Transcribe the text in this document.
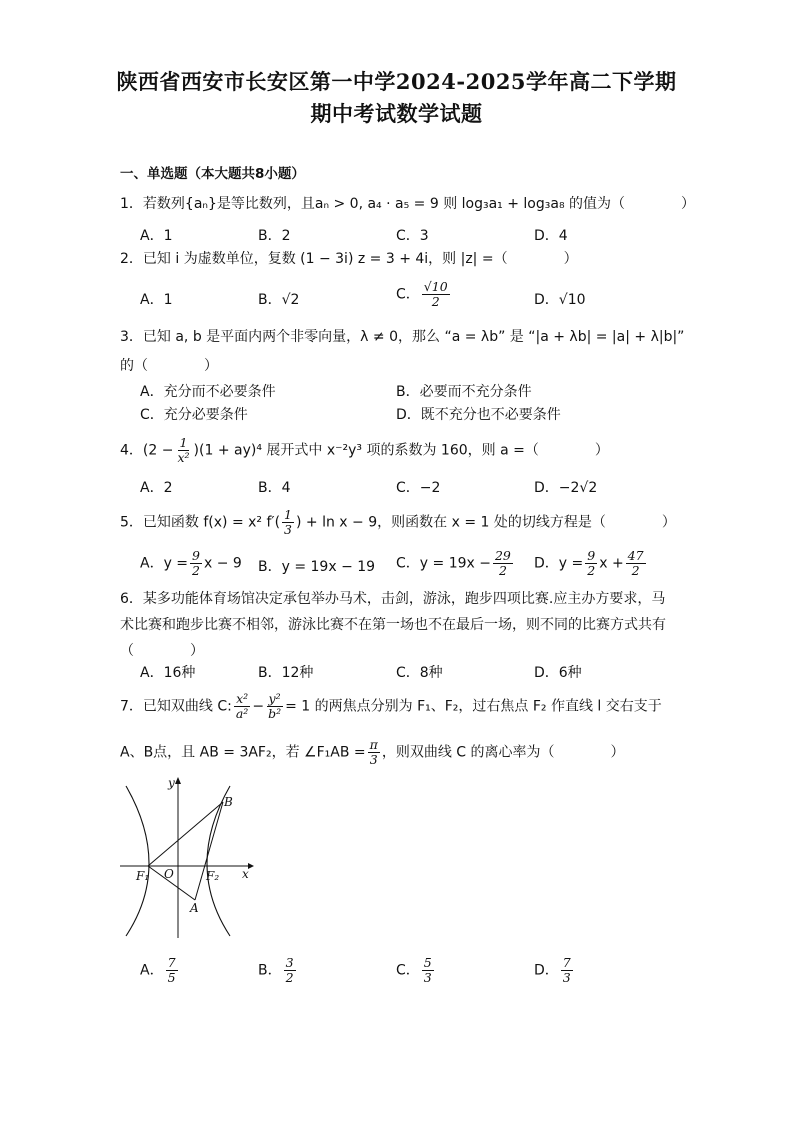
陕西省西安市长安区第一中学2024-2025学年高二下学期
期中考试数学试题
一、单选题（本大题共8小题）
1．若数列{aₙ}是等比数列，且aₙ > 0, a₄ · a₅ = 9 则 log₃a₁ + log₃a₈ 的值为（　　　　）
A．1	B．2	C．3	D．4
2．已知 i 为虚数单位，复数 (1 − 3i) z = 3 + 4i，则 |z| =（　　　　）
A．1	B．√2	C． $\frac{√10}{2}$	D．√10
3．已知 a, b 是平面内两个非零向量，λ ≠ 0，那么 “a = λb” 是 “|a + λb| = |a| + λ|b|”
的（　　　　）
A．充分而不必要条件	B．必要而不充分条件
C．充分必要条件	D．既不充分也不必要条件
4．$(2 - \frac{1}{\text{x²}} )(1 + ay)^4$ 展开式中 x⁻²y³ 项的系数为 160，则 a =（　　　　）
A．2	B．4	C．−2	D．−2√2
5．已知函数 f(x) = x² $f'( \frac{1}{3}$ ) + ln x − 9，则函数在 x = 1 处的切线方程是（　　　　）
A．$y = \frac{9}{2}$ x − 9 B．y = 19x − 19 C．$y = 19x - \frac{29}{2}$ D．$y = \frac{9}{2}$ $x + \frac{47}{2}$
6．某多功能体育场馆决定承包举办马术，击剑，游泳，跑步四项比赛.应主办方要求，马术比赛和跑步比赛不相邻，游泳比赛不在第一场也不在最后一场，则不同的比赛方式共有（　　　　）
A．16种	B．12种	C．8种	D．6种
7．已知双曲线 C: $\frac{\text{x²}}{\text{a²}} - \frac{\text{y²}}{\text{b²}} = 1$ 的两焦点分别为 F₁、F₂，过右焦点 F₂ 作直线 l 交右支于
A、B点，且 AB = 3AF₂，若 ∠F₁AB = $\frac{\pi}{3}$ ，则双曲线 C 的离心率为（　　　　）
y
x
O
F₁	F₂
A
B
A． $\frac{7}{5}$	B． $\frac{3}{2}$	C． $\frac{5}{3}$	D． $\frac{7}{3}$
